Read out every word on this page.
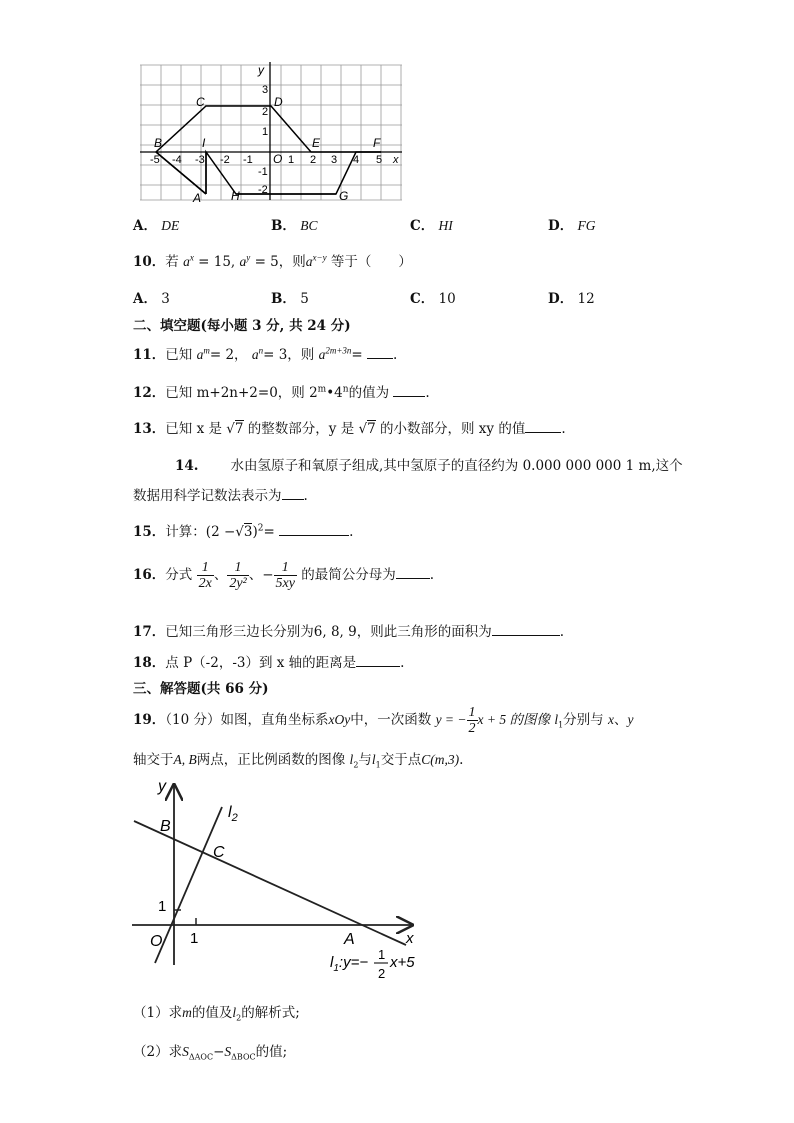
y
x
O
-5 -4 -3 -2 -1	1 2 3 4 5
3
2
1
-1
-2
B
C	D
E	F
I
A H	G
A． DE	B． BC	C． HI	D． FG
10．若 $a^x = 15$, $a^y = 5$，则$a^{x-y}$ 等于（　　）
A． 3	B． 5	C． 10	D． 12
二、填空题(每小题 3 分, 共 24 分)
11．已知 $a^m= 2$， $a^n= 3$，则 $a^{2m+3n}=$ .
12．已知 m+2n+2=0，则 2$^m$•4$^n$的值为	.
13．已知 x 是 √7 的整数部分，y 是 √7 的小数部分，则 xy 的值	.
14. 水由氢原子和氧原子组成,其中氢原子的直径约为 0.000 000 000 1 m,这个
数据用科学记数法表示为 .
15．计算：$(2 -√3)^2=$	.
16．分式 $\frac{1}{2x}$ 、 $\frac{1}{\text{2y²}}$ 、− $\frac{1}{5xy}$ 的最简公分母为	.
17．已知三角形三边长分别为6, 8, 9，则此三角形的面积为	.
18．点 P（-2，-3）到 x 轴的距离是	.
三、解答题(共 66 分)
19．（10 分）如图，直角坐标系xOy中，一次函数 y = − $\frac{1}{2}$ x + 5 的图像 $l_1$分别与 x、y
轴交于A, B两点，正比例函数的图像 $l_2$与$l_1$交于点C(m,3).
y
x
B
C
A
O 1
1
$l_2$
$l_1:y=- 1$
2
x+5
（1）求m的值及$l_2$的解析式;
（2）求$S_{\Delta AOC}-S_{\Delta BOC}$的值;
